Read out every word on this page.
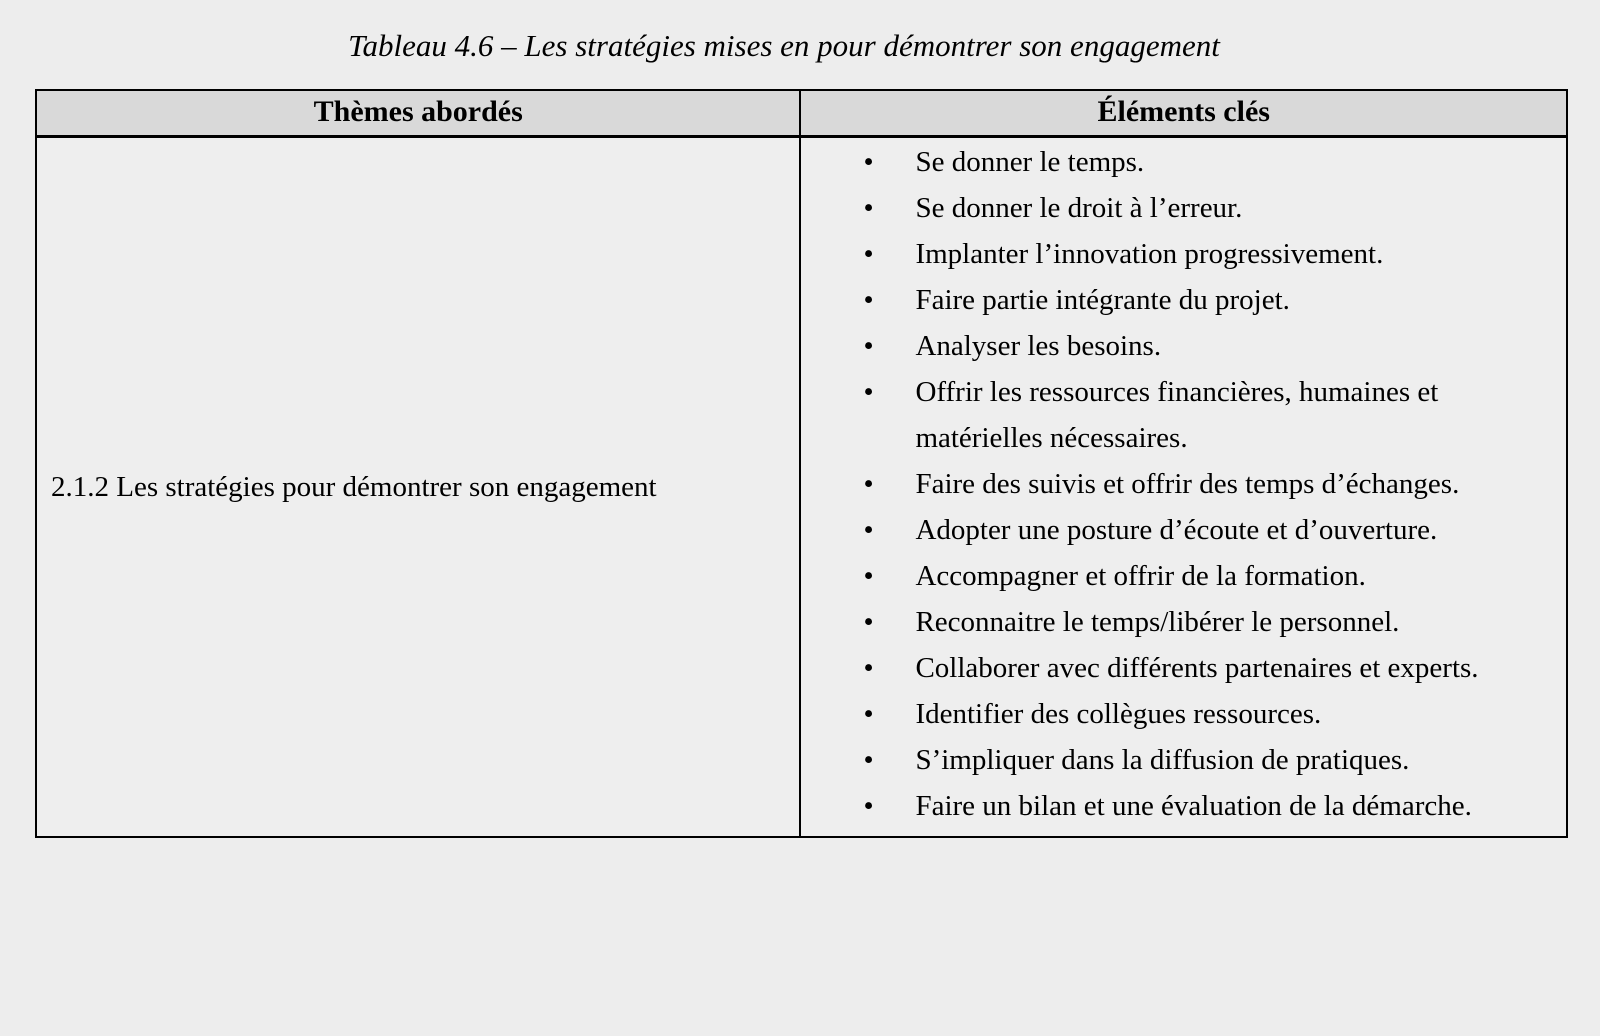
Tableau 4.6 – Les stratégies mises en pour démontrer son engagement
Thèmes abordés	Éléments clés
2.1.2 Les stratégies pour démontrer son engagement	
•	Se donner le temps.
•	Se donner le droit à l’erreur.
•	Implanter l’innovation progressivement.
•	Faire partie intégrante du projet.
•	Analyser les besoins.
•	Offrir les ressources financières, humaines et matérielles nécessaires.
•	Faire des suivis et offrir des temps d’échanges.
•	Adopter une posture d’écoute et d’ouverture.
•	Accompagner et offrir de la formation.
•	Reconnaitre le temps/libérer le personnel.
•	Collaborer avec différents partenaires et experts.
•	Identifier des collègues ressources.
•	S’impliquer dans la diffusion de pratiques.
•	Faire un bilan et une évaluation de la démarche.
